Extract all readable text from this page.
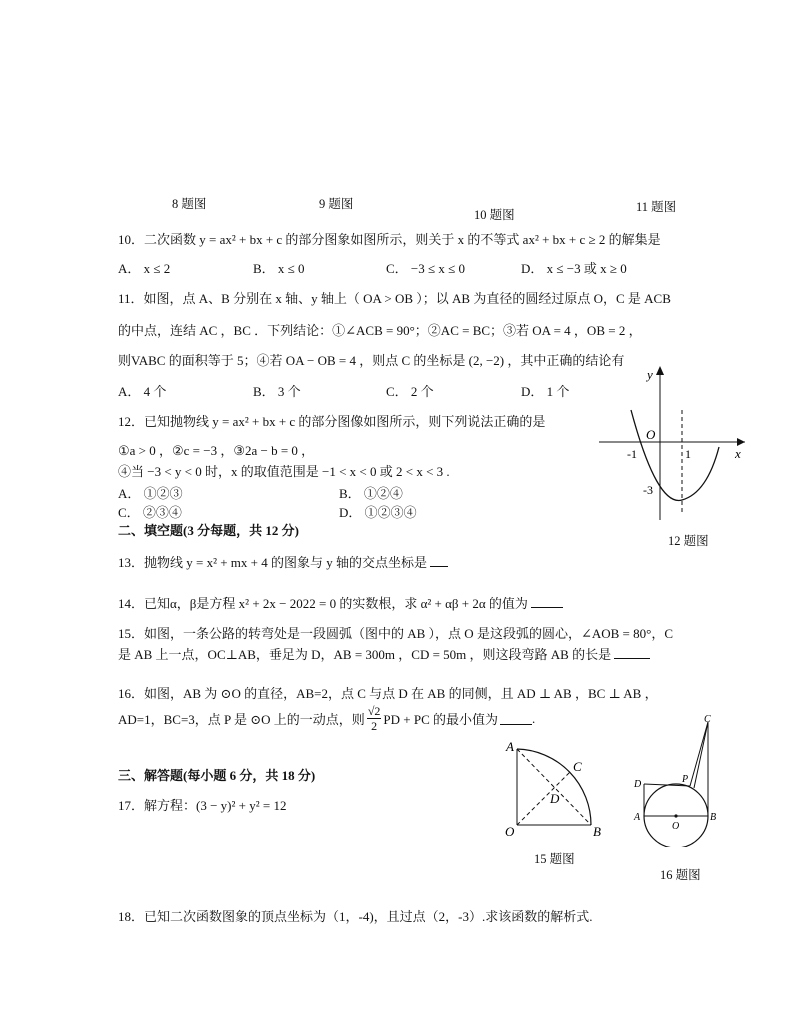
8 题图	9 题图
10 题图
11 题图
10．二次函数 y = ax² + bx + c 的部分图象如图所示，则关于 x 的不等式 ax² + bx + c ≥ 2 的解集是
A． x ≤ 2	B． x ≤ 0	C． −3 ≤ x ≤ 0	D． x ≤ −3 或 x ≥ 0
11．如图，点 A、B 分别在 x 轴、y 轴上（ OA > OB ）；以 AB 为直径的圆经过原点 O，C 是 ACB
的中点，连结 AC ，BC ．下列结论：①∠ACB = 90°；②AC = BC；③若 OA = 4 ，OB = 2 ，
则VABC 的面积等于 5；④若 OA − OB = 4 ，则点 C 的坐标是 (2, −2) ，其中正确的结论有
A． 4 个	B． 3 个	C． 2 个	D． 1 个
12．已知抛物线 y = ax² + bx + c 的部分图像如图所示，则下列说法正确的是
①a > 0 ，②c = −3 ，③2a − b = 0 ，
④当 −3 < y < 0 时，x 的取值范围是 −1 < x < 0 或 2 < x < 3 .
A． ①②③	B． ①②④
C． ②③④	D． ①②③④
y
x
O
-1	1
-3
12 题图
二、填空题(3 分每题，共 12 分)
13．抛物线 y = x² + mx + 4 的图象与 y 轴的交点坐标是
14．已知α，β是方程 x² + 2x − 2022 = 0 的实数根，求 α² + αβ + 2α 的值为
15．如图，一条公路的转弯处是一段圆弧（图中的 AB ），点 O 是这段弧的圆心，∠AOB = 80°，C
是 AB 上一点，OC⊥AB，垂足为 D，AB = 300m ，CD = 50m ，则这段弯路 AB 的长是
16．如图，AB 为 ⊙O 的直径，AB=2，点 C 与点 D 在 AB 的同侧，且 AD ⊥ AB ，BC ⊥ AB ，
AD=1，BC=3，点 P 是 ⊙O 上的一动点，则 $\frac{√2}{2}$ PD + PC 的最小值为	.
三、解答题(每小题 6 分，共 18 分)
17．解方程：(3 − y)² + y² = 12
A
O	B
C
D
15 题图
D
A	B
O
C
P
16 题图
18．已知二次函数图象的顶点坐标为（1，-4)，且过点（2，-3）.求该函数的解析式.
